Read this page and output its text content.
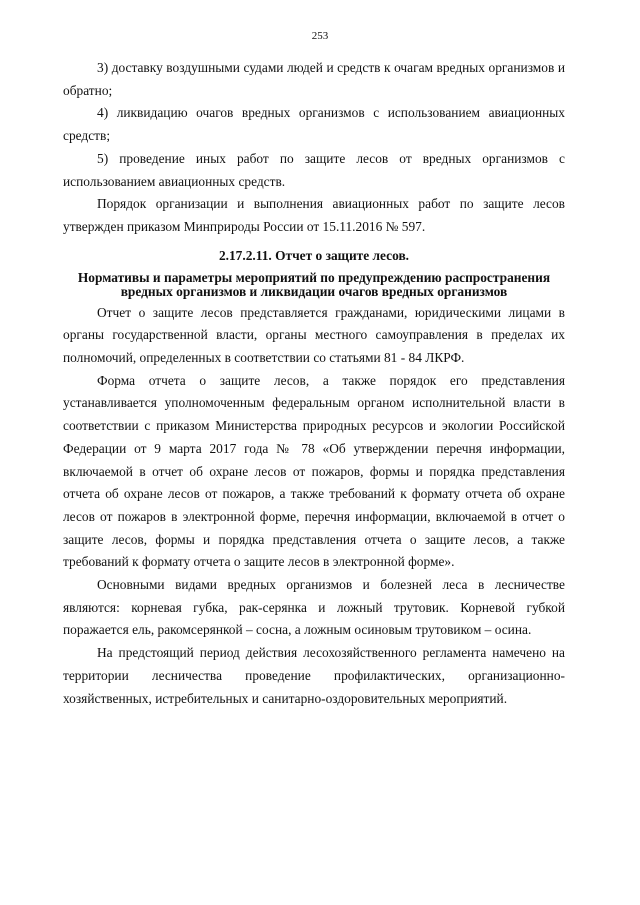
253

3) доставку воздушными судами людей и средств к очагам вредных организмов и обратно;

4) ликвидацию очагов вредных организмов с использованием авиационных средств;

5) проведение иных работ по защите лесов от вредных организмов с использованием авиационных средств.

Порядок организации и выполнения авиационных работ по защите лесов утвержден приказом Минприроды России от 15.11.2016 № 597.

2.17.2.11. Отчет о защите лесов.

Нормативы и параметры мероприятий по предупреждению распространения вредных организмов и ликвидации очагов вредных организмов

Отчет о защите лесов представляется гражданами, юридическими лицами в органы государственной власти, органы местного самоуправления в пределах их полномочий, определенных в соответствии со статьями 81 - 84 ЛКРФ.

Форма отчета о защите лесов, а также порядок его представления устанавливается уполномоченным федеральным органом исполнительной власти в соответствии с приказом Министерства природных ресурсов и экологии Российской Федерации от 9 марта 2017 года № 78 «Об утверждении перечня информации, включаемой в отчет об охране лесов от пожаров, формы и порядка представления отчета об охране лесов от пожаров, а также требований к формату отчета об охране лесов от пожаров в электронной форме, перечня информации, включаемой в отчет о защите лесов, формы и порядка представления отчета о защите лесов, а также требований к формату отчета о защите лесов в электронной форме».

Основными видами вредных организмов и болезней леса в лесничестве являются: корневая губка, рак-серянка и ложный трутовик. Корневой губкой поражается ель, ракомсерянкой – сосна, а ложным осиновым трутовиком – осина.

На предстоящий период действия лесохозяйственного регламента намечено на территории лесничества проведение профилактических, организационно-хозяйственных, истребительных и санитарно-оздоровительных мероприятий.
